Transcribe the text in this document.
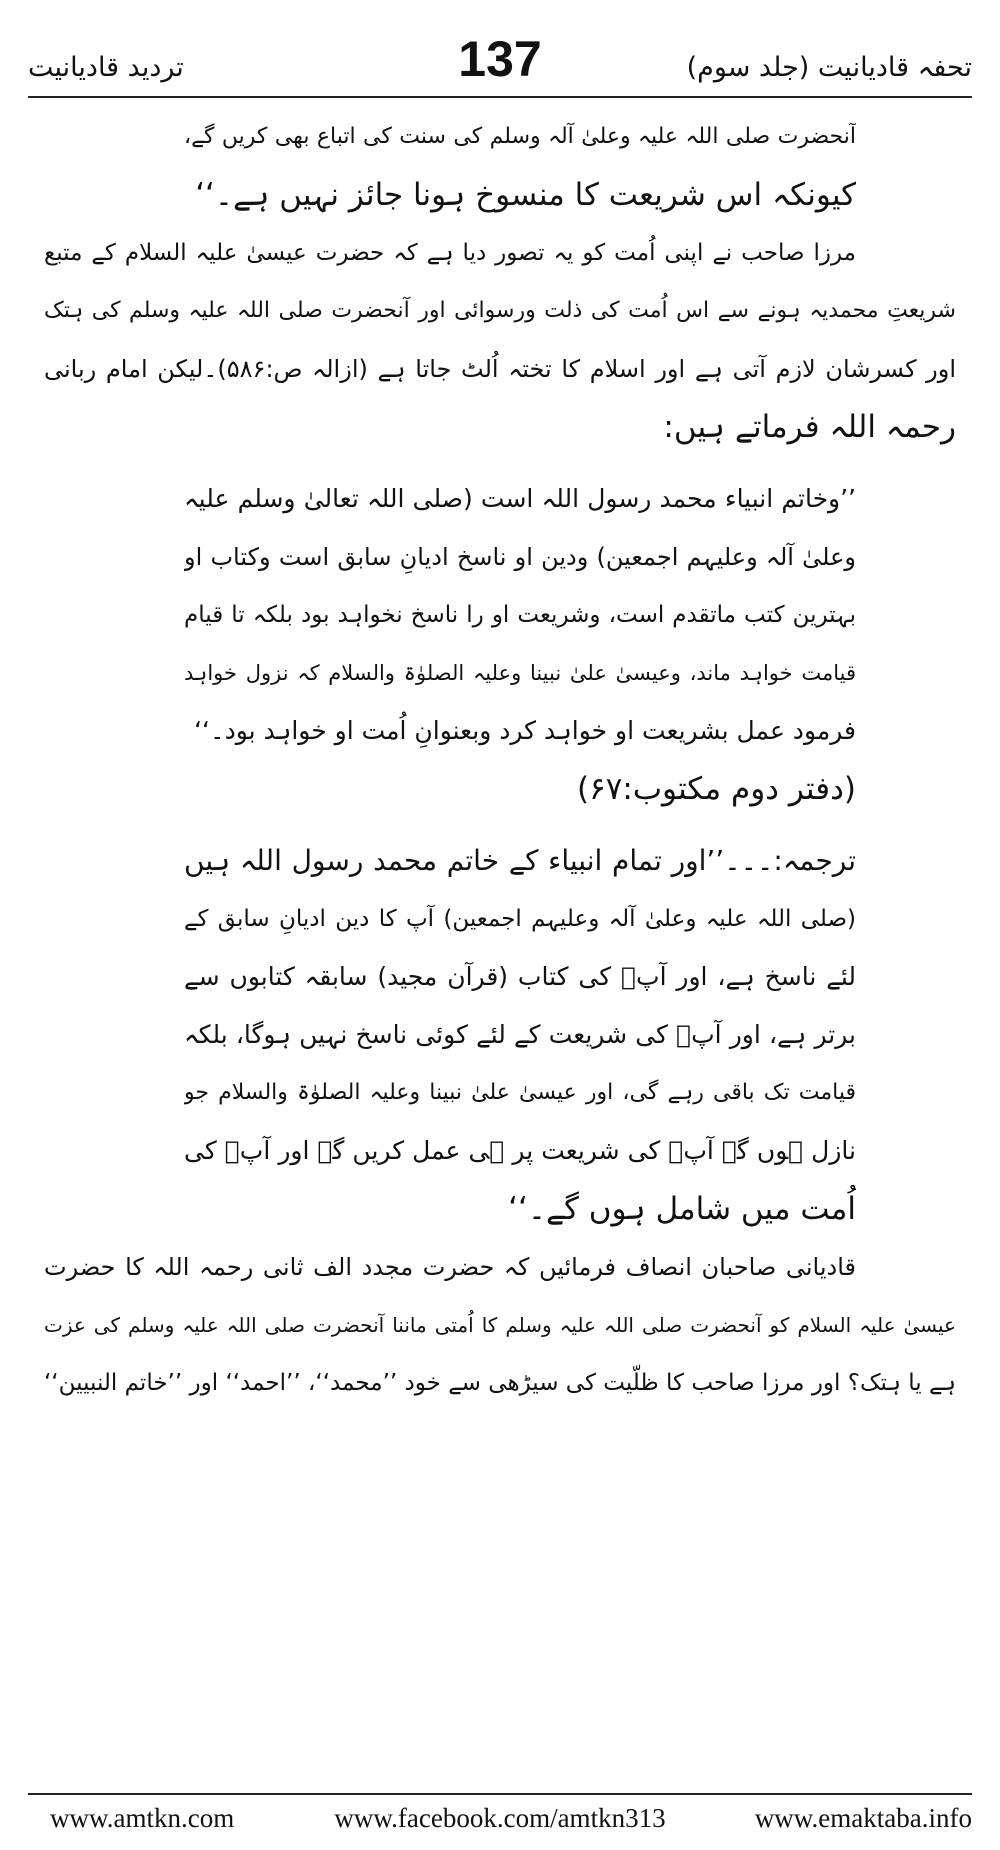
تحفہ قادیانیت (جلد سوم)
137
تردید قادیانیت
آنحضرت صلی اللہ علیہ وعلیٰ آلہ وسلم کی سنت کی اتباع بھی کریں گے،
کیونکہ اس شریعت کا منسوخ ہونا جائز نہیں ہے۔‘‘
مرزا صاحب نے اپنی اُمت کو یہ تصور دیا ہے کہ حضرت عیسیٰ علیہ السلام کے متبع
شریعتِ محمدیہ ہونے سے اس اُمت کی ذلت ورسوائی اور آنحضرت صلی اللہ علیہ وسلم کی ہتک
اور کسرشان لازم آتی ہے اور اسلام کا تختہ اُلٹ جاتا ہے (ازالہ ص:۵۸۶)۔لیکن امام ربانی
رحمہ اللہ فرماتے ہیں:
’’وخاتم انبیاء محمد رسول اللہ است (صلی اللہ تعالیٰ وسلم علیہ
وعلیٰ آلہ وعلیہم اجمعین) ودین او ناسخ ادیانِ سابق است وکتاب او
بہترین کتب ماتقدم است، وشریعت او را ناسخ نخواہد بود بلکہ تا قیام
قیامت خواہد ماند، وعیسیٰ علیٰ نبینا وعلیہ الصلوٰۃ والسلام کہ نزول خواہد
فرمود عمل بشریعت او خواہد کرد وبعنوانِ اُمت او خواہد بود۔‘‘
(دفتر دوم مکتوب:۶۷)
ترجمہ:۔۔۔’’اور تمام انبیاء کے خاتم محمد رسول اللہ ہیں
(صلی اللہ علیہ وعلیٰ آلہ وعلیہم اجمعین) آپ کا دین ادیانِ سابق کے
لئے ناسخ ہے، اور آپؐ کی کتاب (قرآن مجید) سابقہ کتابوں سے
برتر ہے، اور آپؐ کی شریعت کے لئے کوئی ناسخ نہیں ہوگا، بلکہ
قیامت تک باقی رہے گی، اور عیسیٰ علیٰ نبینا وعلیہ الصلوٰۃ والسلام جو
نازل ہوں گے آپؐ کی شریعت پر ہی عمل کریں گے اور آپؐ کی
اُمت میں شامل ہوں گے۔‘‘
قادیانی صاحبان انصاف فرمائیں کہ حضرت مجدد الف ثانی رحمہ اللہ کا حضرت
عیسیٰ علیہ السلام کو آنحضرت صلی اللہ علیہ وسلم کا اُمتی ماننا آنحضرت صلی اللہ علیہ وسلم کی عزت
ہے یا ہتک؟ اور مرزا صاحب کا ظلّیت کی سیڑھی سے خود ’’محمد‘‘، ’’احمد‘‘ اور ’’خاتم النبیین‘‘
www.amtkn.com	www.facebook.com/amtkn313	www.emaktaba.info
